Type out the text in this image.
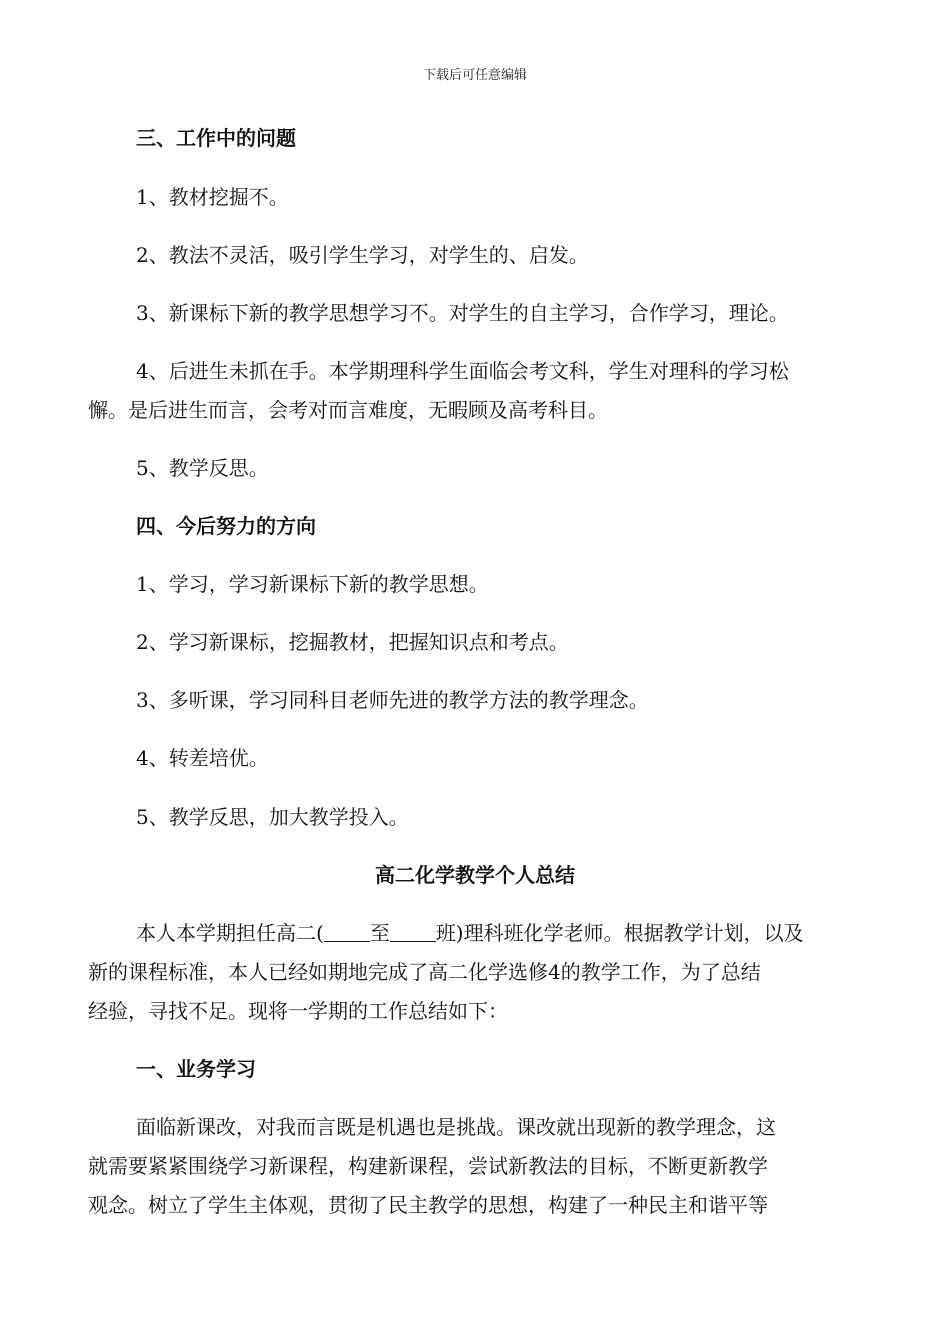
下载后可任意编辑
三、工作中的问题
1、教材挖掘不。
2、教法不灵活，吸引学生学习，对学生的、启发。
3、新课标下新的教学思想学习不。对学生的自主学习，合作学习，理论。
4、后进生未抓在手。本学期理科学生面临会考文科，学生对理科的学习松
懈。是后进生而言，会考对而言难度，无暇顾及高考科目。
5、教学反思。
四、今后努力的方向
1、学习，学习新课标下新的教学思想。
2、学习新课标，挖掘教材，把握知识点和考点。
3、多听课，学习同科目老师先进的教学方法的教学理念。
4、转差培优。
5、教学反思，加大教学投入。
高二化学教学个人总结
本人本学期担任高二( 至 班)理科班化学老师。根据教学计划，以及
新的课程标准，本人已经如期地完成了高二化学选修4的教学工作，为了总结
经验，寻找不足。现将一学期的工作总结如下：
一、业务学习
面临新课改，对我而言既是机遇也是挑战。课改就出现新的教学理念，这
就需要紧紧围绕学习新课程，构建新课程，尝试新教法的目标，不断更新教学
观念。树立了学生主体观，贯彻了民主教学的思想，构建了一种民主和谐平等
